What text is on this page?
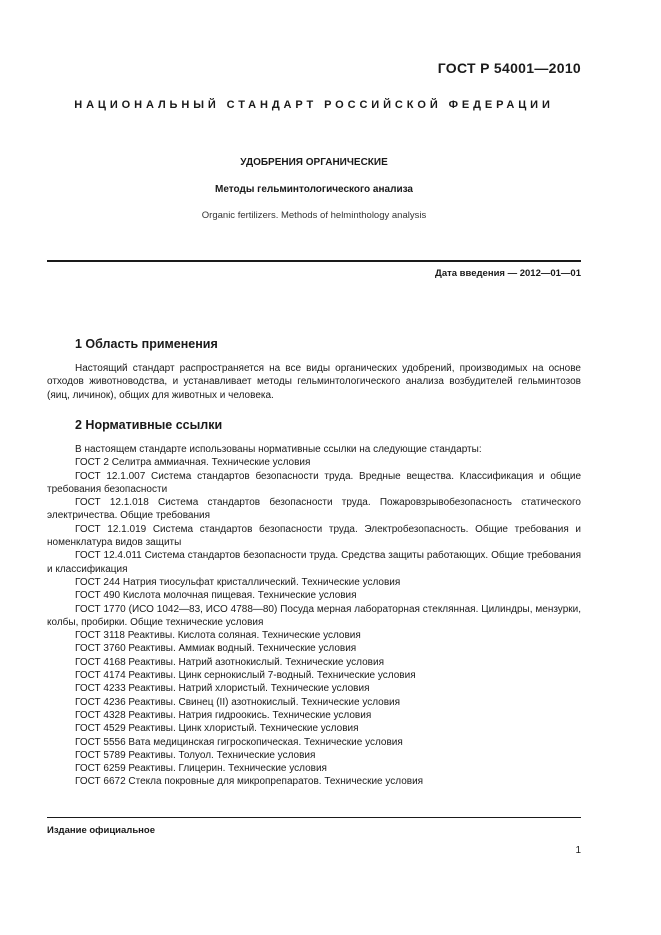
ГОСТ Р 54001—2010
НАЦИОНАЛЬНЫЙ СТАНДАРТ РОССИЙСКОЙ ФЕДЕРАЦИИ
УДОБРЕНИЯ ОРГАНИЧЕСКИЕ
Методы гельминтологического анализа
Organic fertilizers. Methods of helminthology analysis
Дата введения — 2012—01—01
1 Область применения

Настоящий стандарт распространяется на все виды органических удобрений, производимых на основе отходов животноводства, и устанавливает методы гельминтологического анализа возбудителей гельминтозов (яиц, личинок), общих для животных и человека.

2 Нормативные ссылки

В настоящем стандарте использованы нормативные ссылки на следующие стандарты:

ГОСТ 2 Селитра аммиачная. Технические условия

ГОСТ 12.1.007 Система стандартов безопасности труда. Вредные вещества. Классификация и общие требования безопасности

ГОСТ 12.1.018 Система стандартов безопасности труда. Пожаровзрывобезопасность статического электричества. Общие требования

ГОСТ 12.1.019 Система стандартов безопасности труда. Электробезопасность. Общие требования и номенклатура видов защиты

ГОСТ 12.4.011 Система стандартов безопасности труда. Средства защиты работающих. Общие требования и классификация

ГОСТ 244 Натрия тиосульфат кристаллический. Технические условия

ГОСТ 490 Кислота молочная пищевая. Технические условия

ГОСТ 1770 (ИСО 1042—83, ИСО 4788—80) Посуда мерная лабораторная стеклянная. Цилиндры, мензурки, колбы, пробирки. Общие технические условия

ГОСТ 3118 Реактивы. Кислота соляная. Технические условия

ГОСТ 3760 Реактивы. Аммиак водный. Технические условия

ГОСТ 4168 Реактивы. Натрий азотнокислый. Технические условия

ГОСТ 4174 Реактивы. Цинк сернокислый 7-водный. Технические условия

ГОСТ 4233 Реактивы. Натрий хлористый. Технические условия

ГОСТ 4236 Реактивы. Свинец (II) азотнокислый. Технические условия

ГОСТ 4328 Реактивы. Натрия гидроокись. Технические условия

ГОСТ 4529 Реактивы. Цинк хлористый. Технические условия

ГОСТ 5556 Вата медицинская гигроскопическая. Технические условия

ГОСТ 5789 Реактивы. Толуол. Технические условия

ГОСТ 6259 Реактивы. Глицерин. Технические условия

ГОСТ 6672 Стекла покровные для микропрепаратов. Технические условия

Издание официальное
1
